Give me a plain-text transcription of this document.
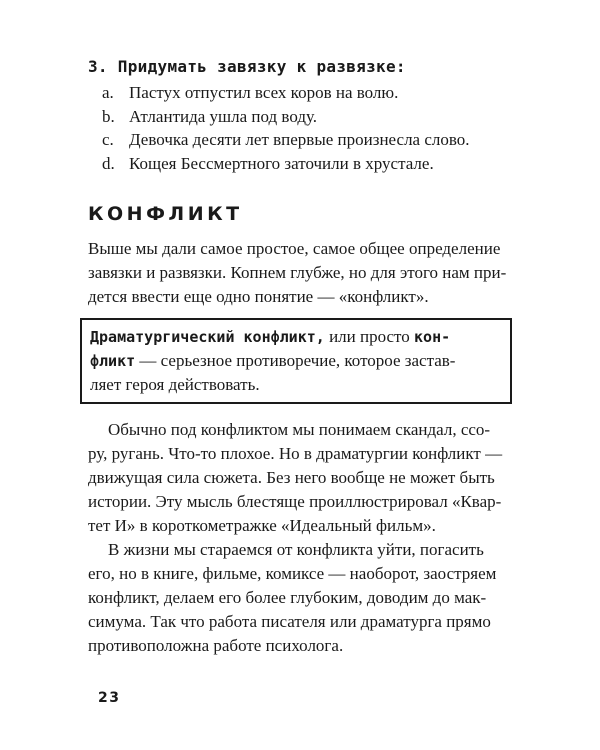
3. Придумать завязку к развязке:
a. Пастух отпустил всех коров на волю.
b. Атлантида ушла под воду.
c. Девочка десяти лет впервые произнесла слово.
d. Кощея Бессмертного заточили в хрустале.
КОНФЛИКТ

Выше мы дали самое простое, самое общее определение
завязки и развязки. Копнем глубже, но для этого нам при-
дется ввести еще одно понятие — «конфликт».

Драматургический конфликт, или просто кон-
фликт — серьезное противоречие, которое застав-
ляет героя действовать.

Обычно под конфликтом мы понимаем скандал, ссо-
ру, ругань. Что-то плохое. Но в драматургии конфликт —
движущая сила сюжета. Без него вообще не может быть
истории. Эту мысль блестяще проиллюстрировал «Квар-
тет И» в короткометражке «Идеальный фильм».

В жизни мы стараемся от конфликта уйти, погасить
его, но в книге, фильме, комиксе — наоборот, заостряем
конфликт, делаем его более глубоким, доводим до мак-
симума. Так что работа писателя или драматурга прямо
противоположна работе психолога.

23
